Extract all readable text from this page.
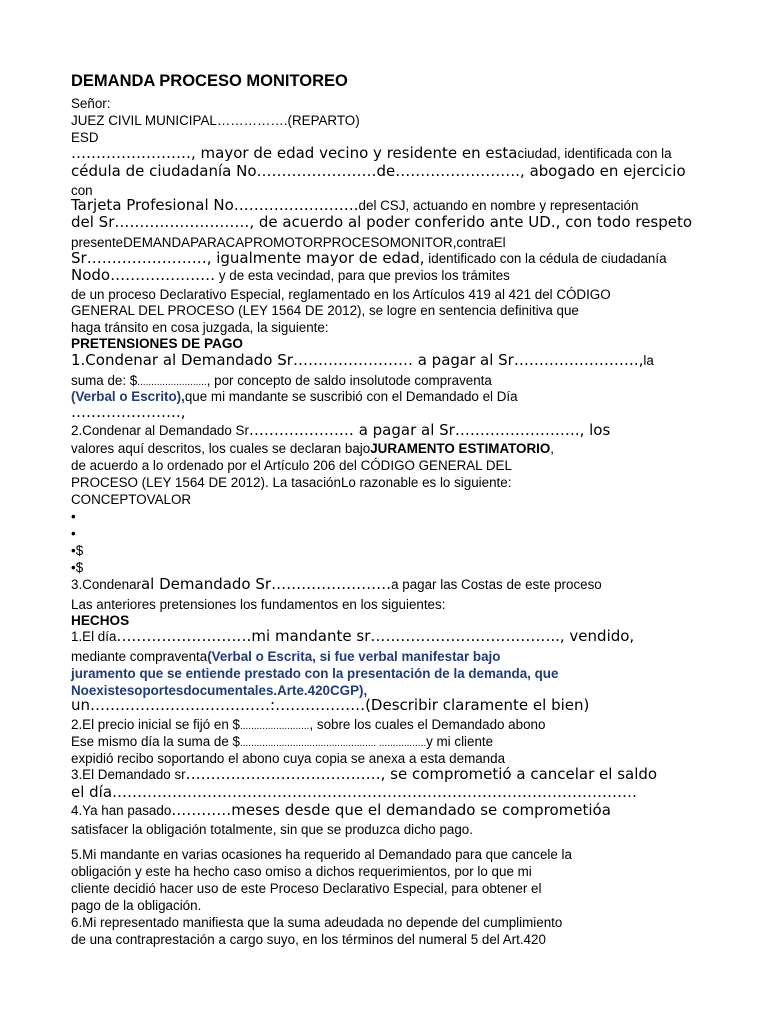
DEMANDA PROCESO MONITOREO

Señor:

JUEZ CIVIL MUNICIPAL…………….(REPARTO)

ESD

……………………, mayor de edad vecino y residente en estaciudad, identificada con la

cédula de ciudadanía No……………………de……………………., abogado en ejercicio

con

Tarjeta Profesional No…………………….del CSJ, actuando en nombre y representación

del Sr………………………, de acuerdo al poder conferido ante UD., con todo respeto

presenteDEMANDAPARACAPROMOTORPROCESOMONITOR,contraEl

Sr……………………, igualmente mayor de edad, identificado con la cédula de ciudadanía

Nodo………………… y de esta vecindad, para que previos los trámites

de un proceso Declarativo Especial, reglamentado en los Artículos 419 al 421 del CÓDIGO

GENERAL DEL PROCESO (LEY 1564 DE 2012), se logre en sentencia definitiva que

haga tránsito en cosa juzgada, la siguiente:

PRETENSIONES DE PAGO

1.Condenar al Demandado Sr…………………… a pagar al Sr…………………….,la

suma de: $........................., por concepto de saldo insolutode compraventa

(Verbal o Escrito),que mi mandante se suscribió con el Demandado el Día

………………….,

2.Condenar al Demandado Sr………………… a pagar al Sr……………………., los

valores aquí descritos, los cuales se declaran bajoJURAMENTO ESTIMATORIO,

de acuerdo a lo ordenado por el Artículo 206 del CÓDIGO GENERAL DEL

PROCESO (LEY 1564 DE 2012). La tasaciónLo razonable es lo siguiente:

CONCEPTOVALOR

•

•

•$

•$

3.Condenaral Demandado Sr……………………a pagar las Costas de este proceso

Las anteriores pretensiones los fundamentos en los siguientes:

HECHOS

1.El día………………………mi mandante sr……………………………….., vendido,

mediante compraventa(Verbal o Escrita, si fue verbal manifestar bajo

juramento que se entiende prestado con la presentación de la demanda, que

Noexistesoportesdocumentales.Arte.420CGP),

un………………………………:………………(Describir claramente el bien)

2.El precio inicial se fijó en $........................., sobre los cuales el Demandado abono

Ese mismo día la suma de $................................................. .................y mi cliente

expidió recibo soportando el abono cuya copia se anexa a esta demanda

3.El Demandado sr…………………………………, se comprometió a cancelar el saldo

el día……………………………………………………………………………………………

4.Ya han pasado…………meses desde que el demandado se comprometióa

satisfacer la obligación totalmente, sin que se produzca dicho pago.

5.Mi mandante en varias ocasiones ha requerido al Demandado para que cancele la

obligación y este ha hecho caso omiso a dichos requerimientos, por lo que mi

cliente decidió hacer uso de este Proceso Declarativo Especial, para obtener el

pago de la obligación.

6.Mi representado manifiesta que la suma adeudada no depende del cumplimiento

de una contraprestación a cargo suyo, en los términos del numeral 5 del Art.420
